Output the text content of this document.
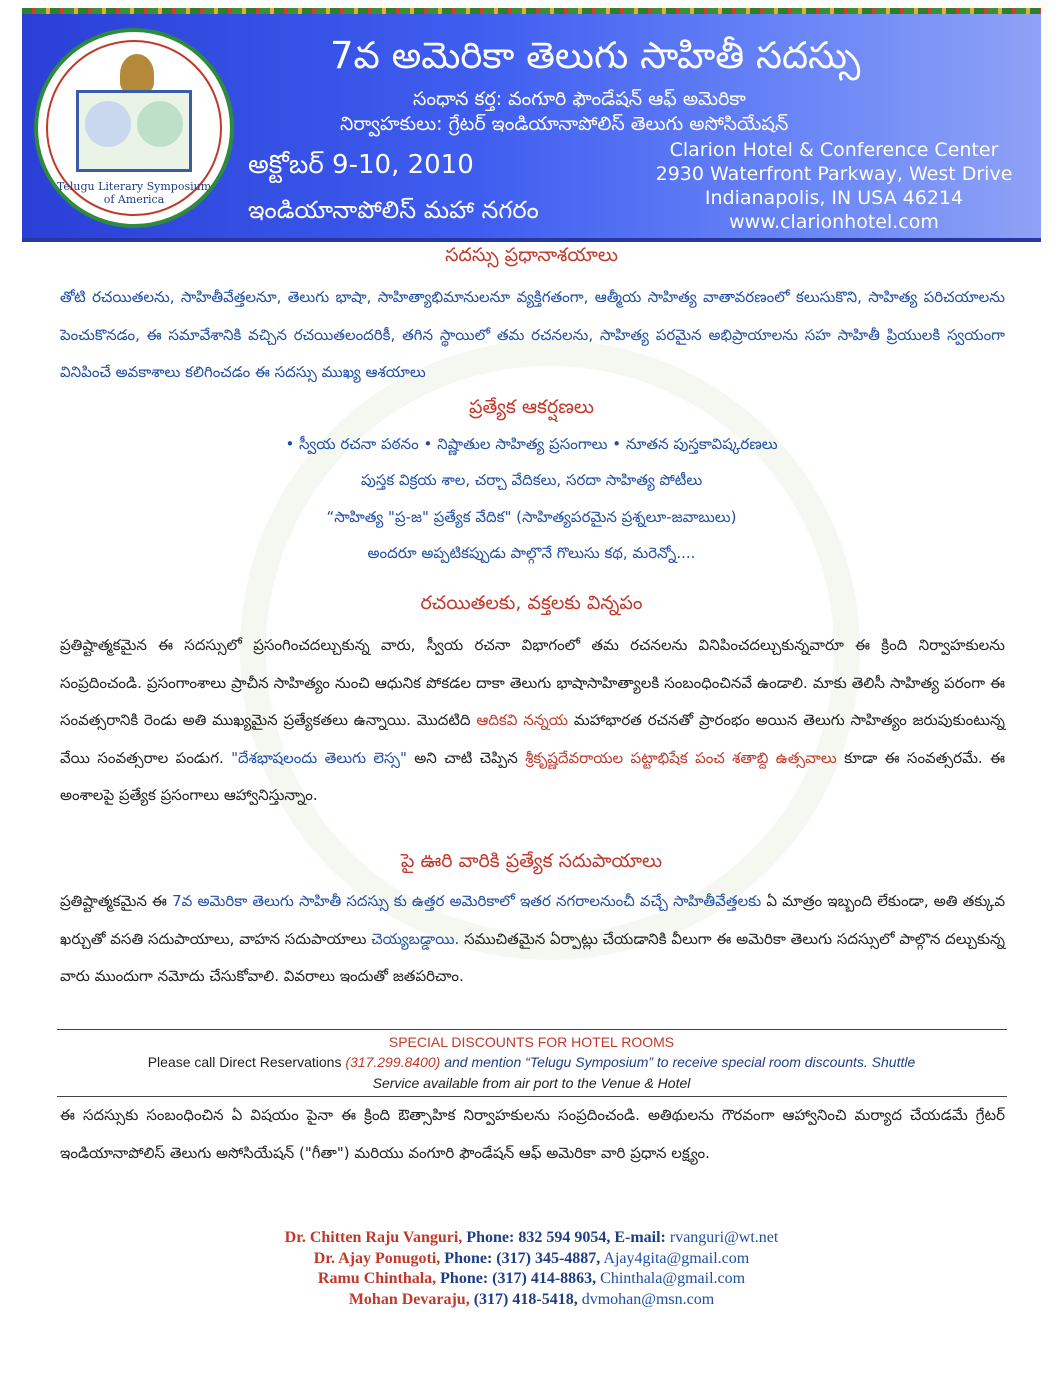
Telugu Literary Symposium
of America
7వ అమెరికా తెలుగు సాహితీ సదస్సు
సంధాన కర్త: వంగూరి ఫౌండేషన్ ఆఫ్ అమెరికా
నిర్వాహకులు: గ్రేటర్ ఇండియానాపోలిస్ తెలుగు అసోసియేషన్
అక్టోబర్ 9-10, 2010
ఇండియానాపోలిస్ మహా నగరం
Clarion Hotel & Conference Center
2930 Waterfront Parkway, West Drive
Indianapolis, IN USA 46214
www.clarionhotel.com
సదస్సు ప్రధానాశయాలు
తోటి రచయితలను, సాహితీవేత్తలనూ, తెలుగు భాషా, సాహిత్యాభిమానులనూ వ్యక్తిగతంగా, ఆత్మీయ సాహిత్య వాతావరణంలో కలుసుకొని, సాహిత్య పరిచయాలను పెంచుకొనడం, ఈ సమావేశానికి వచ్చిన రచయితలందరికీ, తగిన స్థాయిలో తమ రచనలను, సాహిత్య పరమైన అభిప్రాయాలను సహ సాహితీ ప్రియులకి స్వయంగా వినిపించే అవకాశాలు కలిగించడం ఈ సదస్సు ముఖ్య ఆశయాలు
ప్రత్యేక ఆకర్షణలు
• స్వీయ రచనా పఠనం • నిష్ణాతుల సాహిత్య ప్రసంగాలు • నూతన పుస్తకావిష్కరణలు
పుస్తక విక్రయ శాల, చర్చా వేదికలు, సరదా సాహిత్య పోటీలు
“సాహిత్య "ప్ర-జ" ప్రత్యేక వేదిక" (సాహిత్యపరమైన ప్రశ్నలూ-జవాబులు)
అందరూ అప్పటికప్పుడు పాల్గొనే గొలుసు కథ, మరెన్నో....
రచయితలకు, వక్తలకు విన్నపం
ప్రతిష్టాత్మకమైన ఈ సదస్సులో ప్రసంగించదల్చుకున్న వారు, స్వీయ రచనా విభాగంలో తమ రచనలను వినిపించదల్చుకున్నవారూ ఈ క్రింది నిర్వాహకులను సంప్రదించండి. ప్రసంగాంశాలు ప్రాచీన సాహిత్యం నుంచి ఆధునిక పోకడల దాకా తెలుగు భాషాసాహిత్యాలకి సంబంధించినవే ఉండాలి. మాకు తెలిసీ సాహిత్య పరంగా ఈ సంవత్సరానికి రెండు అతి ముఖ్యమైన ప్రత్యేకతలు ఉన్నాయి. మొదటిది ఆదికవి నన్నయ మహాభారత రచనతో ప్రారంభం అయిన తెలుగు సాహిత్యం జరుపుకుంటున్న వేయి సంవత్సరాల పండుగ. "దేశభాషలందు తెలుగు లెస్స" అని చాటి చెప్పిన శ్రీకృష్ణదేవరాయల పట్టాభిషేక పంచ శతాబ్ది ఉత్సవాలు కూడా ఈ సంవత్సరమే. ఈ అంశాలపై ప్రత్యేక ప్రసంగాలు ఆహ్వానిస్తున్నాం.
పై ఊరి వారికి ప్రత్యేక సదుపాయాలు
ప్రతిష్టాత్మకమైన ఈ 7వ అమెరికా తెలుగు సాహితీ సదస్సు కు ఉత్తర అమెరికాలో ఇతర నగరాలనుంచీ వచ్చే సాహితీవేత్తలకు ఏ మాత్రం ఇబ్బంది లేకుండా, అతి తక్కువ ఖర్చుతో వసతి సదుపాయాలు, వాహన సదుపాయాలు చెయ్యబడ్డాయి. సముచితమైన ఏర్పాట్లు చేయడానికి వీలుగా ఈ అమెరికా తెలుగు సదస్సులో పాల్గొన దల్చుకున్న వారు ముందుగా నమోదు చేసుకోవాలి. వివరాలు ఇందుతో జతపరిచాం.
SPECIAL DISCOUNTS FOR HOTEL ROOMS
Please call Direct Reservations (317.299.8400) and mention “Telugu Symposium” to receive special room discounts. Shuttle
Service available from air port to the Venue & Hotel
ఈ సదస్సుకు సంబంధించిన ఏ విషయం పైనా ఈ క్రింది ఔత్సాహిక నిర్వాహకులను సంప్రదించండి. అతిథులను గౌరవంగా ఆహ్వానించి మర్యాద చేయడమే గ్రేటర్ ఇండియానాపోలిస్ తెలుగు అసోసియేషన్ ("గీతా") మరియు వంగూరి ఫౌండేషన్ ఆఫ్ అమెరికా వారి ప్రధాన లక్ష్యం.
Dr. Chitten Raju Vanguri, Phone: 832 594 9054, E-mail: rvanguri@wt.net
Dr. Ajay Ponugoti, Phone: (317) 345-4887, Ajay4gita@gmail.com
Ramu Chinthala, Phone: (317) 414-8863, Chinthala@gmail.com
Mohan Devaraju, (317) 418-5418, dvmohan@msn.com
